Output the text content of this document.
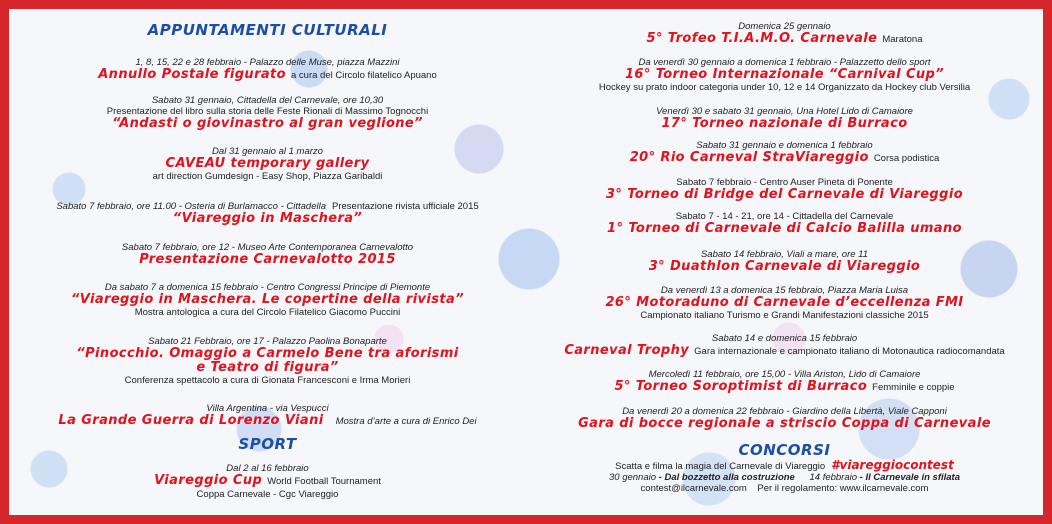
APPUNTAMENTI CULTURALI
1, 8, 15, 22 e 28 febbraio - Palazzo delle Muse, piazza Mazzini
Annullo Postale figurato a cura del Circolo filatelico Apuano
Sabato 31 gennaio, Cittadella del Carnevale, ore 10,30
Presentazione del libro sulla storia delle Feste Rionali di Massimo Tognocchi
“Andasti o giovinastro al gran veglione”
Dal 31 gennaio al 1 marzo
CAVEAU temporary gallery
art direction Gumdesign - Easy Shop, Piazza Garibaldi
Sabato 7 febbraio, ore 11.00 - Osteria di Burlamacco - Cittadella Presentazione rivista ufficiale 2015
“Viareggio in Maschera”
Sabato 7 febbraio, ore 12 - Museo Arte Contemporanea Carnevalotto
Presentazione Carnevalotto 2015
Da sabato 7 a domenica 15 febbraio - Centro Congressi Principe di Piemonte
“Viareggio in Maschera. Le copertine della rivista”
Mostra antologica a cura del Circolo Filatelico Giacomo Puccini
Sabato 21 Febbraio, ore 17 - Palazzo Paolina Bonaparte
“Pinocchio. Omaggio a Carmelo Bene tra aforismi
e Teatro di figura”
Conferenza spettacolo a cura di Gionata Francesconi e Irma Morieri
Villa Argentina - via Vespucci
La Grande Guerra di Lorenzo Viani Mostra d’arte a cura di Enrico Dei
SPORT
Dal 2 al 16 febbraio
Viareggio Cup World Football Tournament
Coppa Carnevale - Cgc Viareggio
Domenica 25 gennaio
5° Trofeo T.I.A.M.O. Carnevale Maratona
Da venerdì 30 gennaio a domenica 1 febbraio - Palazzetto dello sport
16° Torneo Internazionale “Carnival Cup”
Hockey su prato indoor categoria under 10, 12 e 14 Organizzato da Hockey club Versilia
Venerdì 30 e sabato 31 gennaio, Una Hotel Lido di Camaiore
17° Torneo nazionale di Burraco
Sabato 31 gennaio e domenica 1 febbraio
20° Rio Carneval StraViareggio Corsa podistica
Sabato 7 febbraio - Centro Auser Pineta di Ponente
3° Torneo di Bridge del Carnevale di Viareggio
Sabato 7 - 14 - 21, ore 14 - Cittadella del Carnevale
1° Torneo di Carnevale di Calcio Balilla umano
Sabato 14 febbraio, Viali a mare, ore 11
3° Duathlon Carnevale di Viareggio
Da venerdì 13 a domenica 15 febbraio, Piazza Maria Luisa
26° Motoraduno di Carnevale d’eccellenza FMI
Campionato italiano Turismo e Grandi Manifestazioni classiche 2015
Sabato 14 e domenica 15 febbraio
Carneval Trophy Gara internazionale e campionato italiano di Motonautica radiocomandata
Mercoledì 11 febbraio, ore 15,00 - Villa Ariston, Lido di Camaiore
5° Torneo Soroptimist di Burraco Femminile e coppie
Da venerdì 20 a domenica 22 febbraio - Giardino della Libertà, Viale Capponi
Gara di bocce regionale a striscio Coppa di Carnevale
CONCORSI
Scatta e filma la magia del Carnevale di Viareggio #viareggiocontest
30 gennaio - Dal bozzetto alla costruzione 14 febbraio - Il Carnevale in sfilata
contest@ilcarnevale.com    Per il regolamento: www.ilcarnevale.com
